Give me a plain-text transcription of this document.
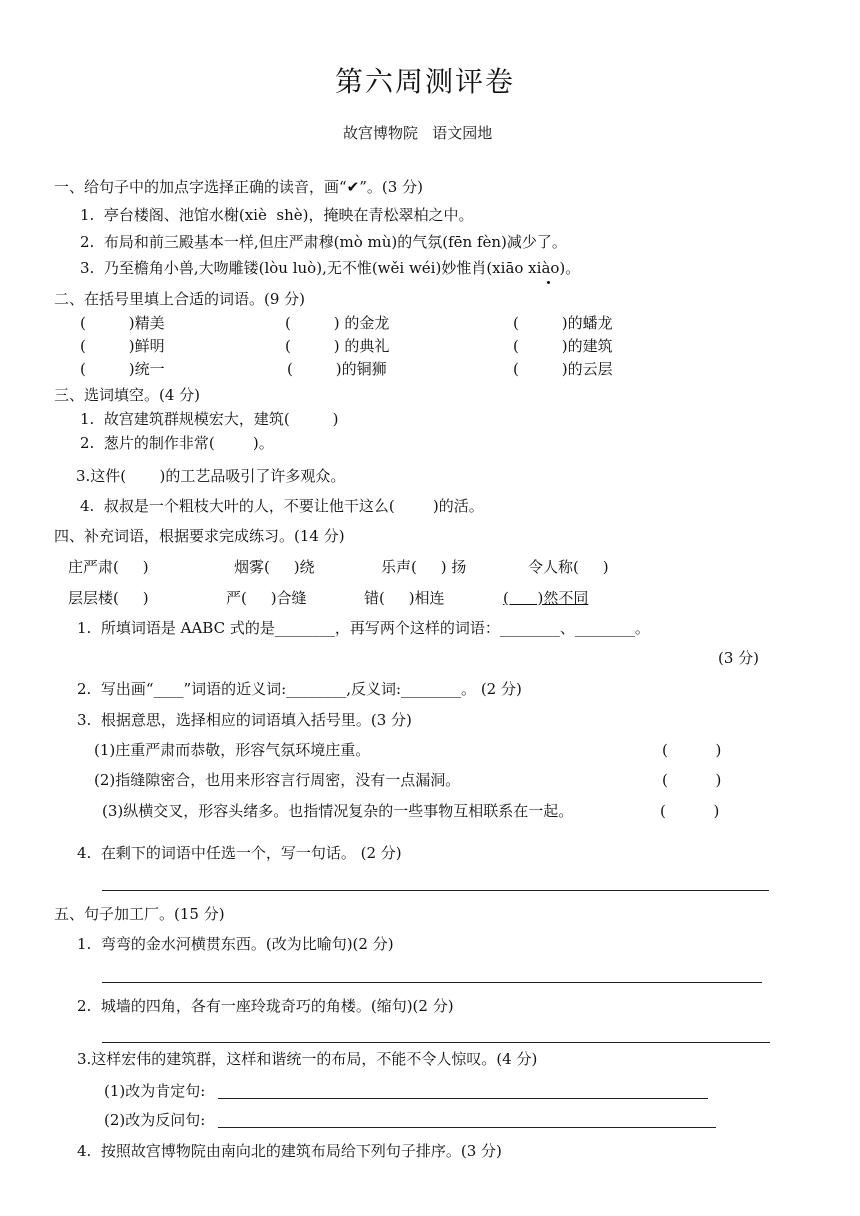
第六周测评卷
故宫博物院   语文园地
一、给句子中的加点字选择正确的读音，画“✔”。(3 分)
1.  亭台楼阁、池馆水榭(xiè  shè)，掩映在青松翠柏之中。
2.  布局和前三殿基本一样,但庄严肃穆(mò mù)的气氛(fēn fèn)减少了。
3.  乃至檐角小兽,大吻雕镂(lòu luò),无不惟(wěi wéi)妙惟肖(xiāo xiào)。
二、在括号里填上合适的词语。(9 分)
(         )精美	(         ) 的金龙	(         )的蟠龙
(         )鲜明	(         ) 的典礼	(         )的建筑
(         )统一	(         )的铜狮	(         )的云层
三、选词填空。(4 分)
1.  故宫建筑群规模宏大，建筑(         )
2.  葱片的制作非常(        )。
3.这件(       )的工艺品吸引了许多观众。
4.  叔叔是一个粗枝大叶的人，不要让他干这么(        )的活。
四、补充词语，根据要求完成练习。(14 分)
庄严肃(     )	烟雾(     )绕	乐声(     ) 扬	令人称(     )
层层楼(     )	严(     )合缝	错(     )相连	(      )然不同
1.  所填词语是 AABC 式的是________，再写两个这样的词语：________、________。
(3 分)
2.  写出画“____”词语的近义词:________,反义词:________。 (2 分)
3.  根据意思，选择相应的词语填入括号里。(3 分)
(1)庄重严肃而恭敬，形容气氛环境庄重。	(          )
(2)指缝隙密合，也用来形容言行周密，没有一点漏洞。	(          )
(3)纵横交叉，形容头绪多。也指情况复杂的一些事物互相联系在一起。	(          )
4.  在剩下的词语中任选一个，写一句话。 (2 分)
五、句子加工厂。(15 分)
1.  弯弯的金水河横贯东西。(改为比喻句)(2 分)
2.  城墙的四角，各有一座玲珑奇巧的角楼。(缩句)(2 分)
3.这样宏伟的建筑群，这样和谐统一的布局，不能不令人惊叹。(4 分)
(1)改为肯定句:
(2)改为反问句:
4.  按照故宫博物院由南向北的建筑布局给下列句子排序。(3 分)
